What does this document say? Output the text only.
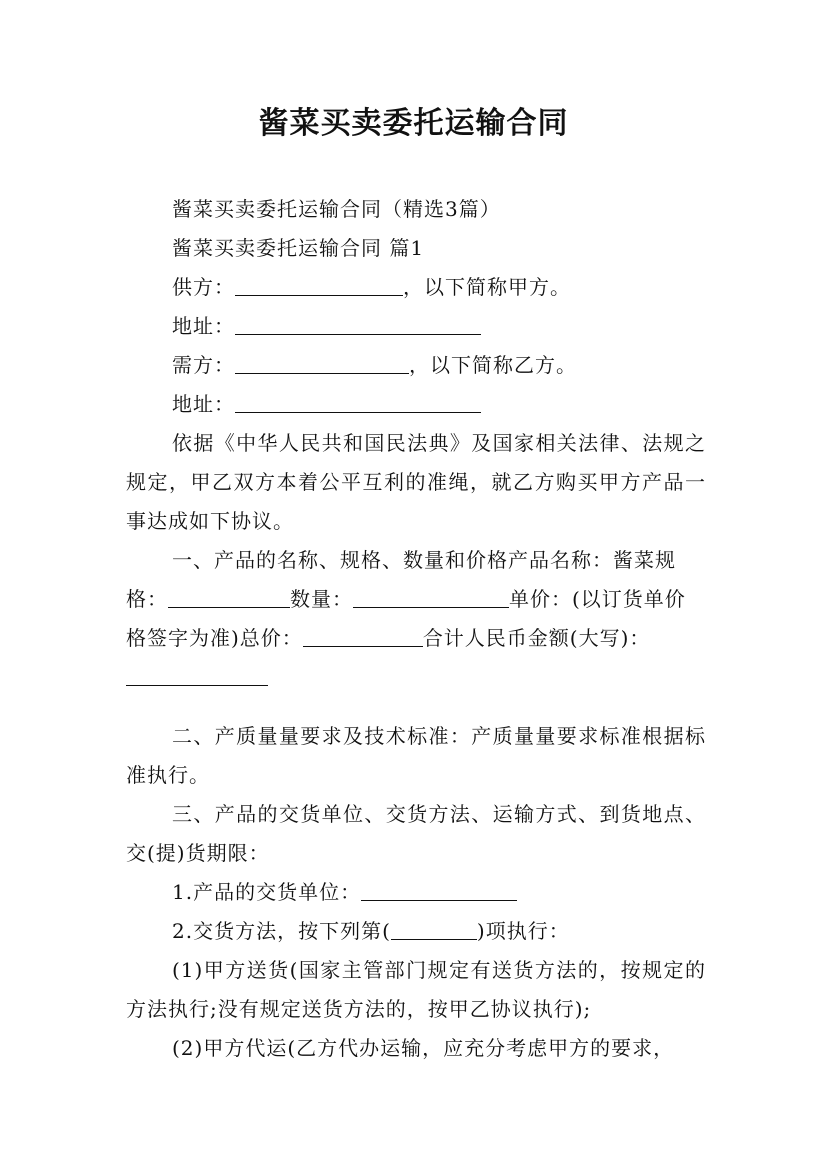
酱菜买卖委托运输合同

酱菜买卖委托运输合同（精选3篇）

酱菜买卖委托运输合同 篇1

供方：	，以下简称甲方。

地址：

需方：	，以下简称乙方。

地址：

依据《中华人民共和国民法典》及国家相关法律、法规之规定，甲乙双方本着公平互利的准绳，就乙方购买甲方产品一事达成如下协议。

一、产品的名称、规格、数量和价格产品名称：酱菜规

格：	数量：	单价：(以订货单价

格签字为准)总价：	合计人民币金额(大写)：

二、产质量量要求及技术标准：产质量量要求标准根据标准执行。

三、产品的交货单位、交货方法、运输方式、到货地点、交(提)货期限：

1.产品的交货单位：

2.交货方法，按下列第(	)项执行：

(1)甲方送货(国家主管部门规定有送货方法的，按规定的方法执行;没有规定送货方法的，按甲乙协议执行);

(2)甲方代运(乙方代办运输，应充分考虑甲方的要求，
